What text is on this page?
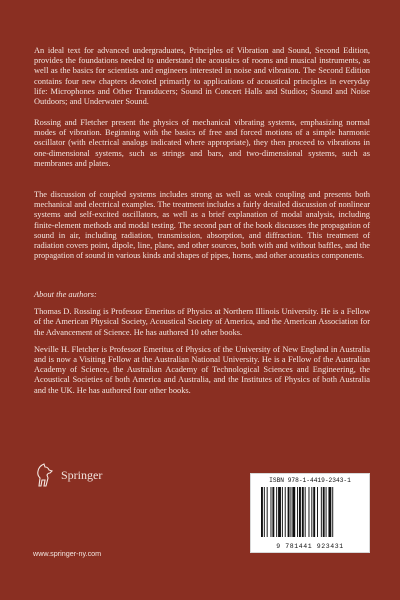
An ideal text for advanced undergraduates, Principles of Vibration and Sound, Second Edition, provides the foundations needed to understand the acoustics of rooms and musical instruments, as well as the basics for scientists and engineers interested in noise and vibration. The Second Edition contains four new chapters devoted primarily to applications of acoustical principles in everyday life: Microphones and Other Transducers; Sound in Concert Halls and Studios; Sound and Noise Outdoors; and Underwater Sound.

Rossing and Fletcher present the physics of mechanical vibrating systems, emphasizing normal modes of vibration. Beginning with the basics of free and forced motions of a simple harmonic oscillator (with electrical analogs indicated where appropriate), they then proceed to vibrations in one-dimensional systems, such as strings and bars, and two-dimensional systems, such as membranes and plates.

The discussion of coupled systems includes strong as well as weak coupling and presents both mechanical and electrical examples. The treatment includes a fairly detailed discussion of nonlinear systems and self-excited oscillators, as well as a brief explanation of modal analysis, including finite-element methods and modal testing. The second part of the book discusses the propagation of sound in air, including radiation, transmission, absorption, and diffraction. This treatment of radiation covers point, dipole, line, plane, and other sources, both with and without baffles, and the propagation of sound in various kinds and shapes of pipes, horns, and other acoustics components.

About the authors:

Thomas D. Rossing is Professor Emeritus of Physics at Northern Illinois University. He is a Fellow of the American Physical Society, Acoustical Society of America, and the American Association for the Advancement of Science. He has authored 10 other books.

Neville H. Fletcher is Professor Emeritus of Physics of the University of New England in Australia and is now a Visiting Fellow at the Australian National University. He is a Fellow of the Australian Academy of Science, the Australian Academy of Technological Sciences and Engineering, the Acoustical Societies of both America and Australia, and the Institutes of Physics of both Australia and the UK. He has authored four other books.

Springer
www.springer-ny.com
ISBN 978-1-4419-2343-1
9 781441 923431
